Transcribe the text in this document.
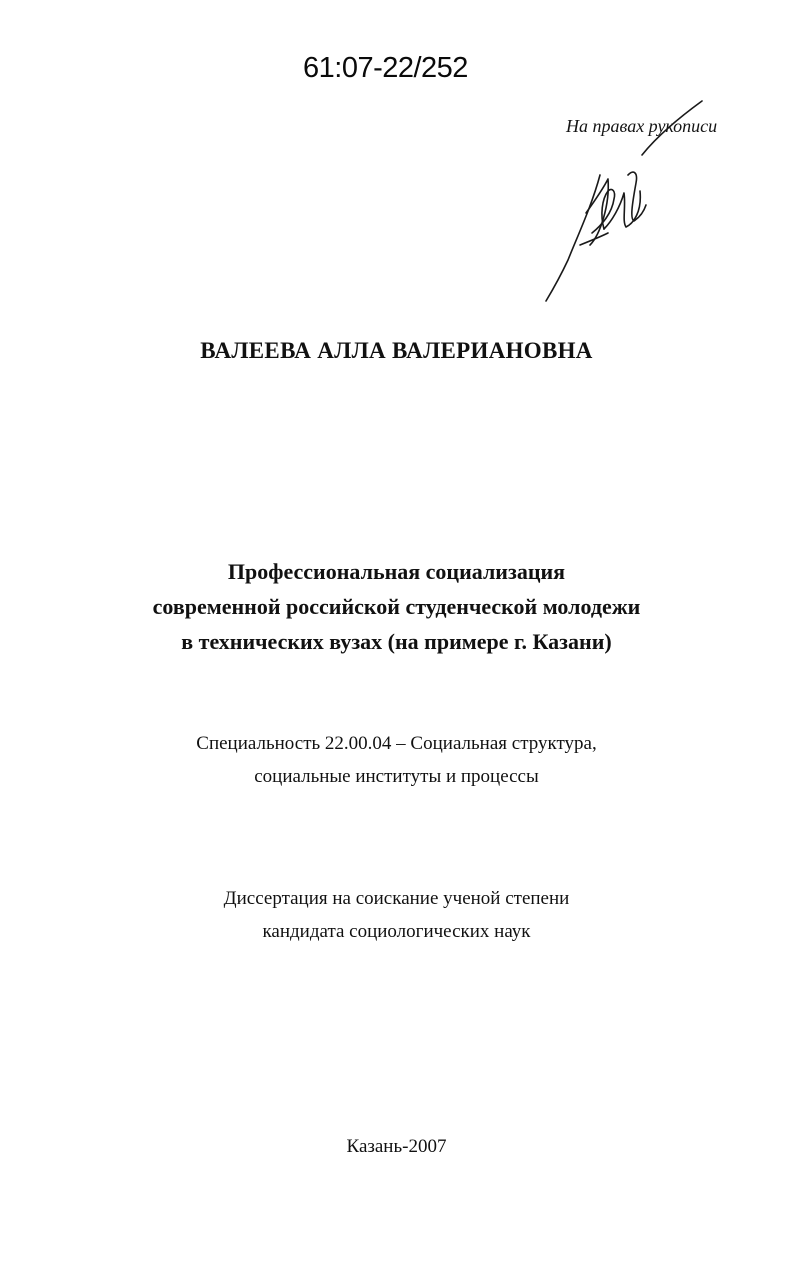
61:07-22/252
На правах рукописи
ВАЛЕЕВА АЛЛА ВАЛЕРИАНОВНА
Профессиональная социализация
современной российской студенческой молодежи
в технических вузах (на примере г. Казани)
Специальность 22.00.04 – Социальная структура,
социальные институты и процессы
Диссертация на соискание ученой степени
кандидата социологических наук
Казань-2007
